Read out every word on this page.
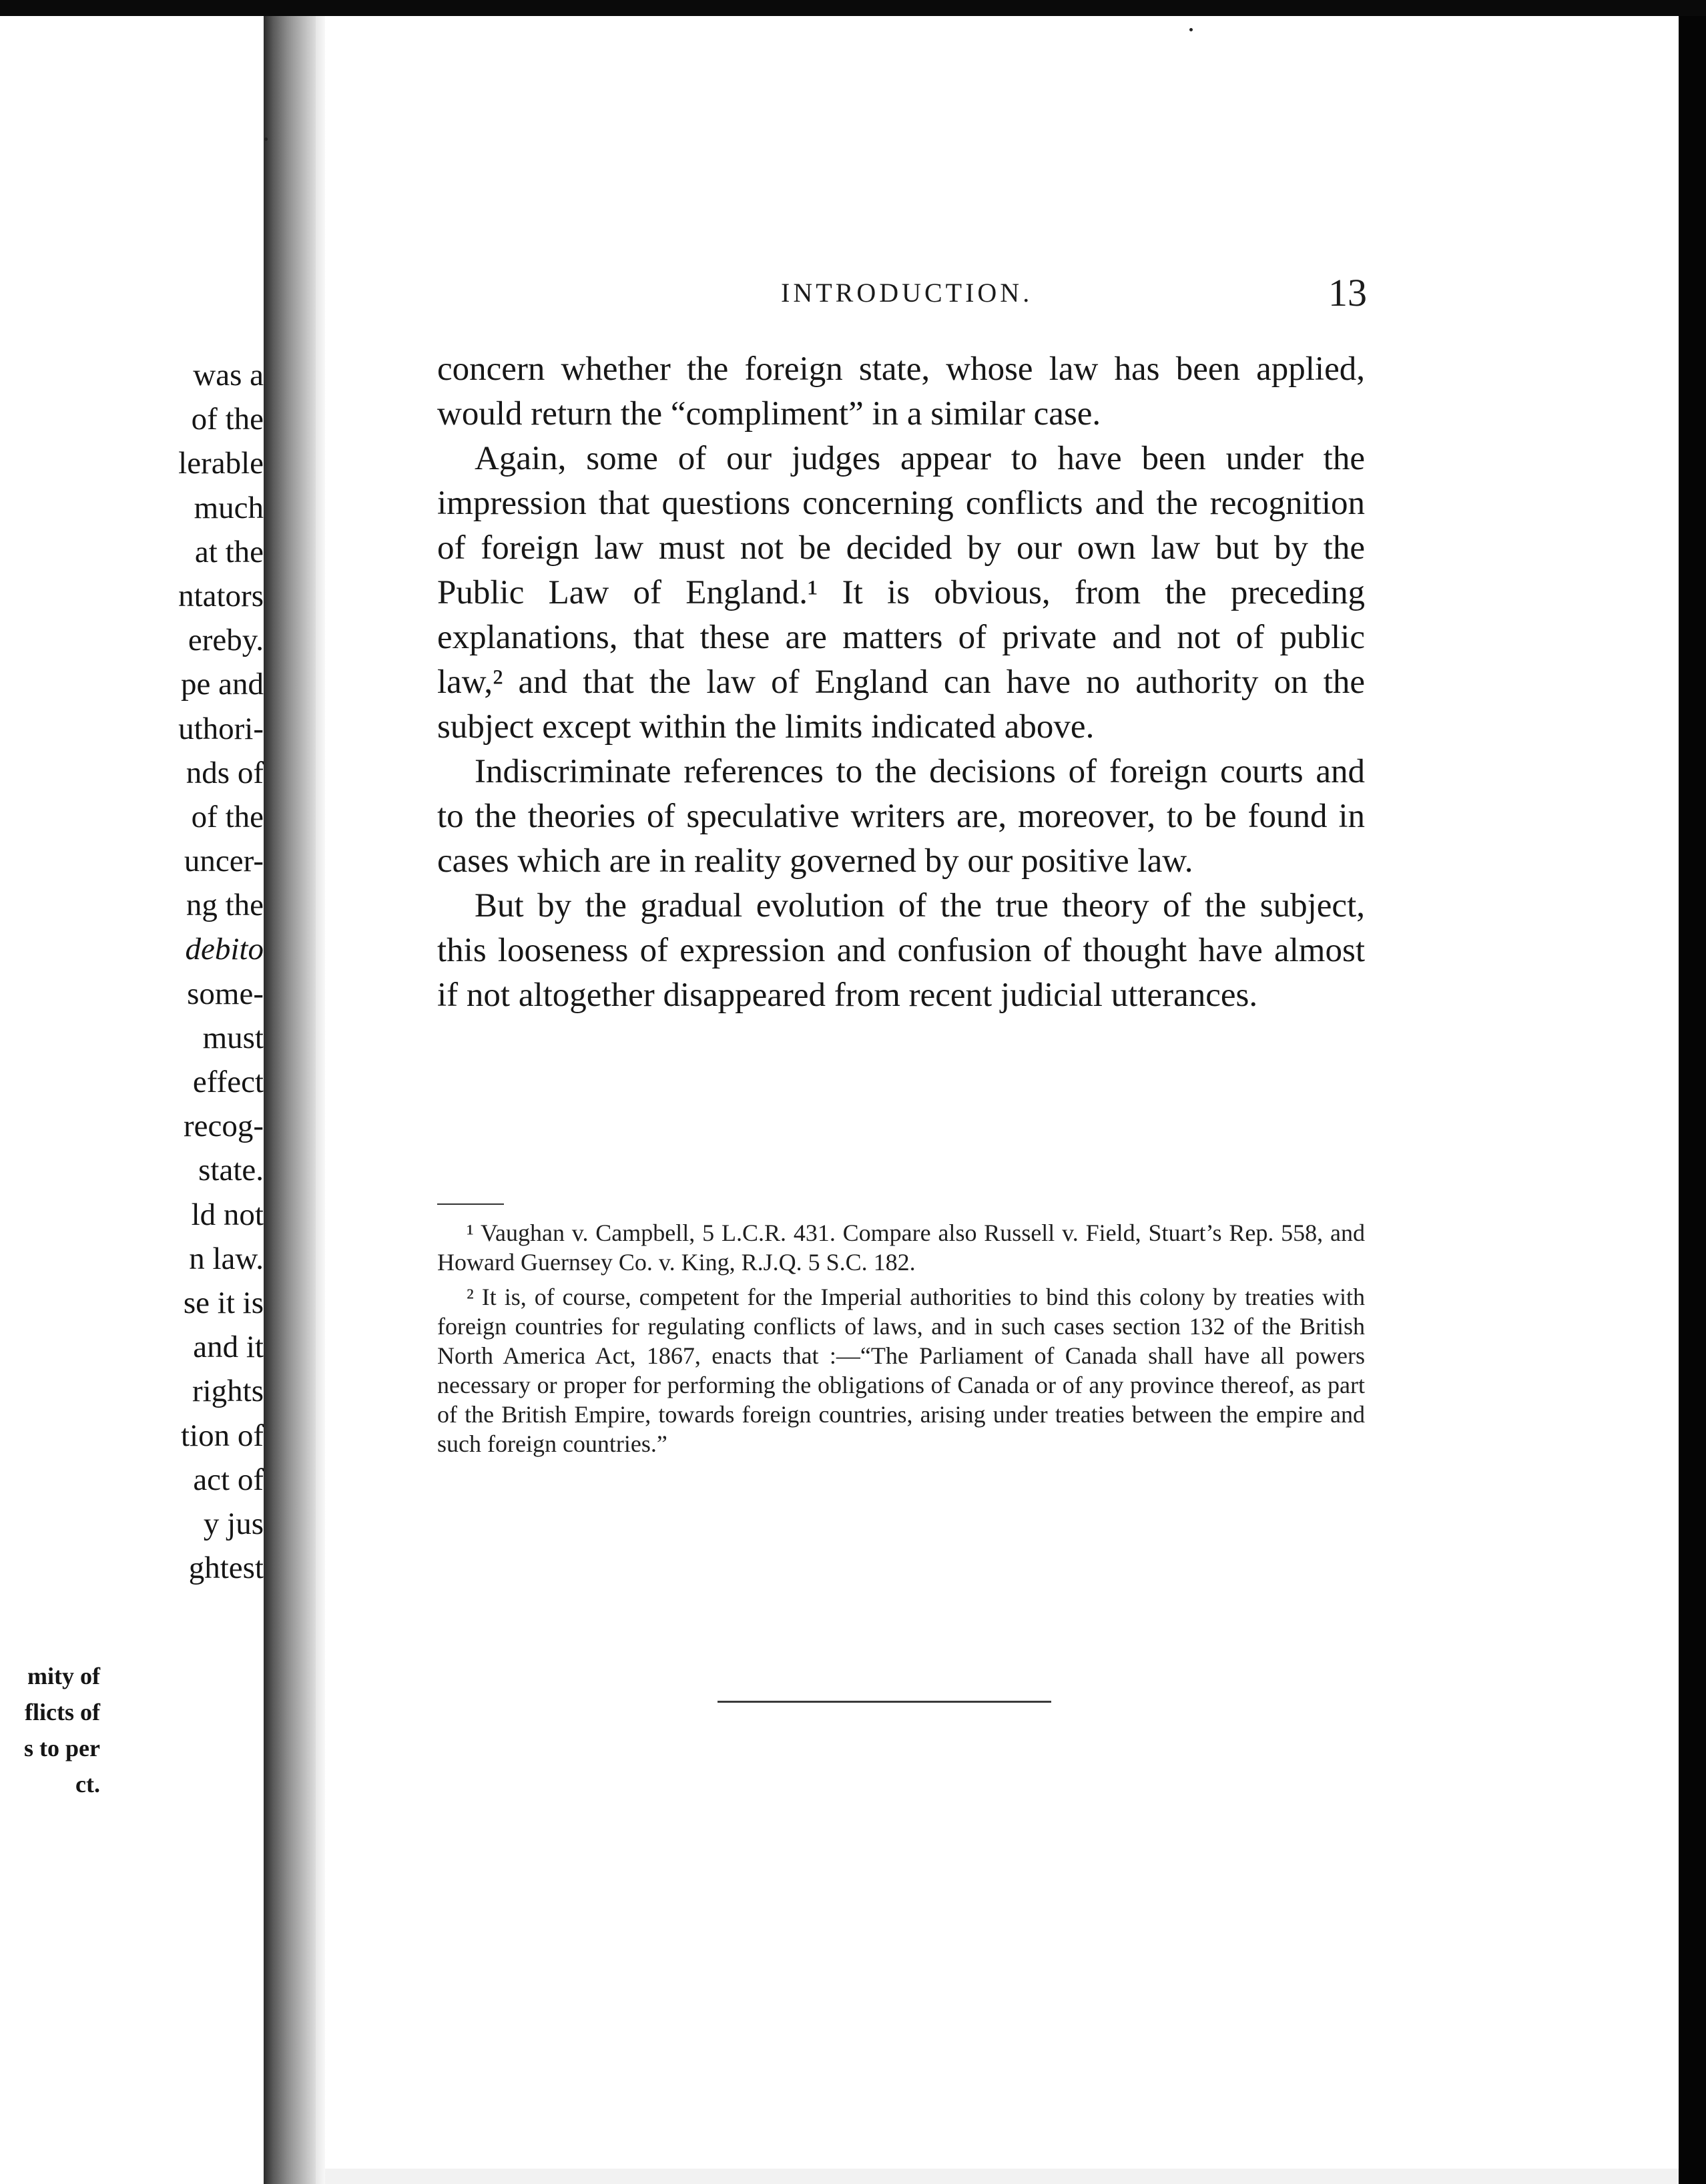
was a
of the
lerable
much
at the
ntators
ereby.
pe and
uthori-
nds of
of the
uncer-
ng the
debito
some-
must
effect
recog-
state.
ld not
n law.
se it is
and it
rights
tion of
act of
y jus
ghtest
mity of
flicts of
s to per
ct.
INTRODUCTION.	13

concern whether the foreign state, whose law has been applied, would return the “compliment” in a similar case.

Again, some of our judges appear to have been under the impression that questions concerning conflicts and the recognition of foreign law must not be decided by our own law but by the Public Law of England.¹ It is obvious, from the preceding explanations, that these are matters of private and not of public law,² and that the law of England can have no authority on the subject except within the limits indicated above.

Indiscriminate references to the decisions of foreign courts and to the theories of speculative writers are, moreover, to be found in cases which are in reality governed by our positive law.

But by the gradual evolution of the true theory of the subject, this looseness of expression and confusion of thought have almost if not altogether disappeared from recent judicial utterances.

¹ Vaughan v. Campbell, 5 L.C.R. 431. Compare also Russell v. Field, Stuart’s Rep. 558, and Howard Guernsey Co. v. King, R.J.Q. 5 S.C. 182.

² It is, of course, competent for the Imperial authorities to bind this colony by treaties with foreign countries for regulating conflicts of laws, and in such cases section 132 of the British North America Act, 1867, enacts that :—“The Parliament of Canada shall have all powers necessary or proper for performing the obligations of Canada or of any province thereof, as part of the British Empire, towards foreign countries, arising under treaties between the empire and such foreign countries.”
